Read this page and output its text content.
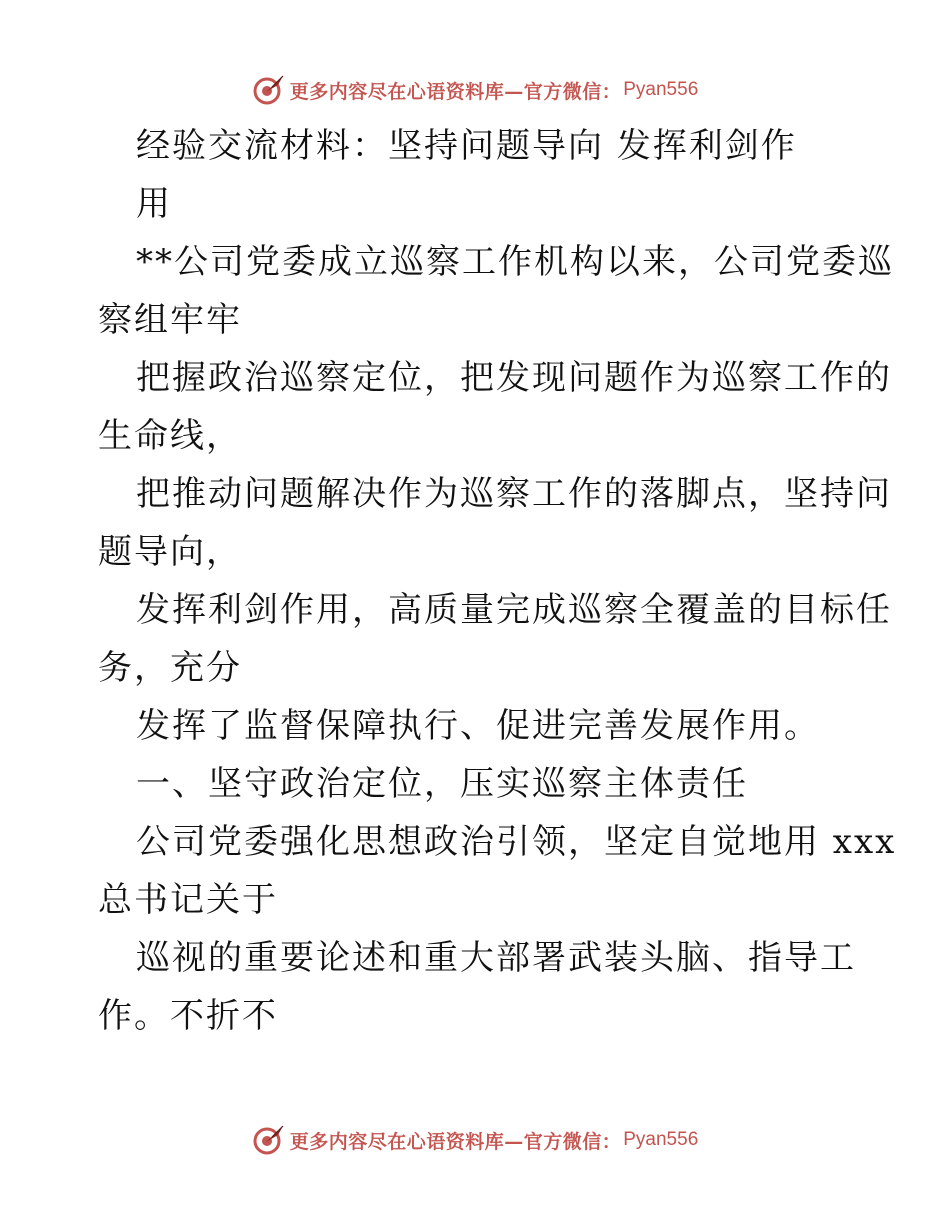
更多内容尽在心语资料库—官方微信： Pyan556
经验交流材料：坚持问题导向 发挥利剑作
用
**公司党委成立巡察工作机构以来，公司党委巡
察组牢牢
把握政治巡察定位，把发现问题作为巡察工作的
生命线，
把推动问题解决作为巡察工作的落脚点，坚持问
题导向，
发挥利剑作用，高质量完成巡察全覆盖的目标任
务，充分
发挥了监督保障执行、促进完善发展作用。
一、坚守政治定位，压实巡察主体责任
公司党委强化思想政治引领，坚定自觉地用 xxx
总书记关于
巡视的重要论述和重大部署武装头脑、指导工
作。不折不
更多内容尽在心语资料库—官方微信： Pyan556
